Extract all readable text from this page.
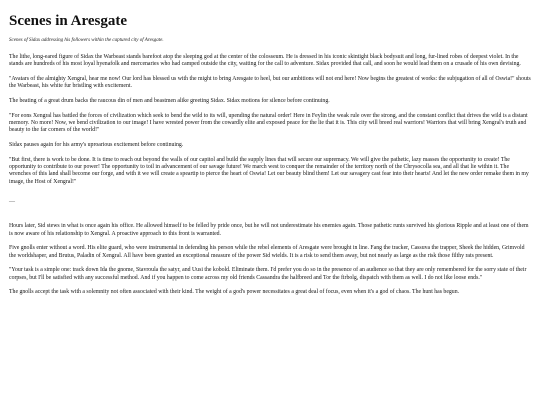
Scenes in Aresgate
Scenes of Sidax addressing his followers within the captured city of Aresgate.

The lithe, long-eared figure of Sidax the Warbeast stands barefoot atop the sleeping god at the center of the colosseum. He is dressed in his iconic skintight black bodysuit and long, fur-lined robes of deepest violet. In the stands are hundreds of his most loyal hyenafolk and mercenaries who had camped outside the city, waiting for the call to adventure. Sidax provided that call, and soon he would lead them on a crusade of his own devising.

"Avatars of the almighty Xengral, hear me now! Our lord has blessed us with the might to bring Aresgate to heel, but our ambitions will not end here! Now begins the greatest of works: the subjugation of all of Oswia!" shouts the Warbeast, his white fur bristling with excitement.

The beating of a great drum backs the raucous din of men and beastmen alike greeting Sidax. Sidax motions for silence before continuing.

"For eons Xengral has battled the forces of civilization which seek to bend the wild to its will, upending the natural order! Here in Feylin the weak rule over the strong, and the constant conflict that drives the wild is a distant memory. No more! Now, we bend civilization to our image! I have wrested power from the cowardly elite and exposed peace for the lie that it is. This city will breed real warriors! Warriors that will bring Xengral's truth and beauty to the far corners of the world!"

Sidax pauses again for his army's uproarious excitement before continuing.

"But first, there is work to be done. It is time to reach out beyond the walls of our capitol and build the supply lines that will secure our supremacy. We will give the pathetic, lazy masses the opportunity to create! The opportunity to contribute to our power! The opportunity to toil in advancement of our savage future! We march west to conquer the remainder of the territory north of the Chrysocolla sea, and all that lie within it. The wrenches of this land shall become our forge, and with it we will create a speartip to pierce the heart of Oswia! Let our beauty blind them! Let our savagery cast fear into their hearts! And let the new order remake them in my image, the Host of Xengral!"

—

Hours later, Sid stews in what is once again his office. He allowed himself to be felled by pride once, but he will not underestimate his enemies again. Those pathetic runts survived his glorious Ripple and at least one of them is now aware of his relationship to Xengral. A proactive approach to this front is warranted.

Five gnolls enter without a word. His elite guard, who were instrumental in defending his person while the rebel elements of Aresgate were brought in line. Fang the tracker, Cassuva the trapper, Sheek the hidden, Grimvold the worldshaper, and Brutus, Paladin of Xengral. All have been granted an exceptional measure of the power Sid wields. It is a risk to send them away, but not nearly as large as the risk those filthy rats present.

"Your task is a simple one: track down Ida the gnome, Stavroula the satyr, and Uusi the kobold. Eliminate them. I'd prefer you do so in the presence of an audience so that they are only remembered for the sorry state of their corpses, but I'll be satisfied with any successful method. And if you happen to come across my old friends Cassandra the halfbreed and Tor the firbolg, dispatch with them as well. I do not like loose ends."

The gnolls accept the task with a solemnity not often associated with their kind. The weight of a god's power necessitates a great deal of focus, even when it's a god of chaos. The hunt has begun.
